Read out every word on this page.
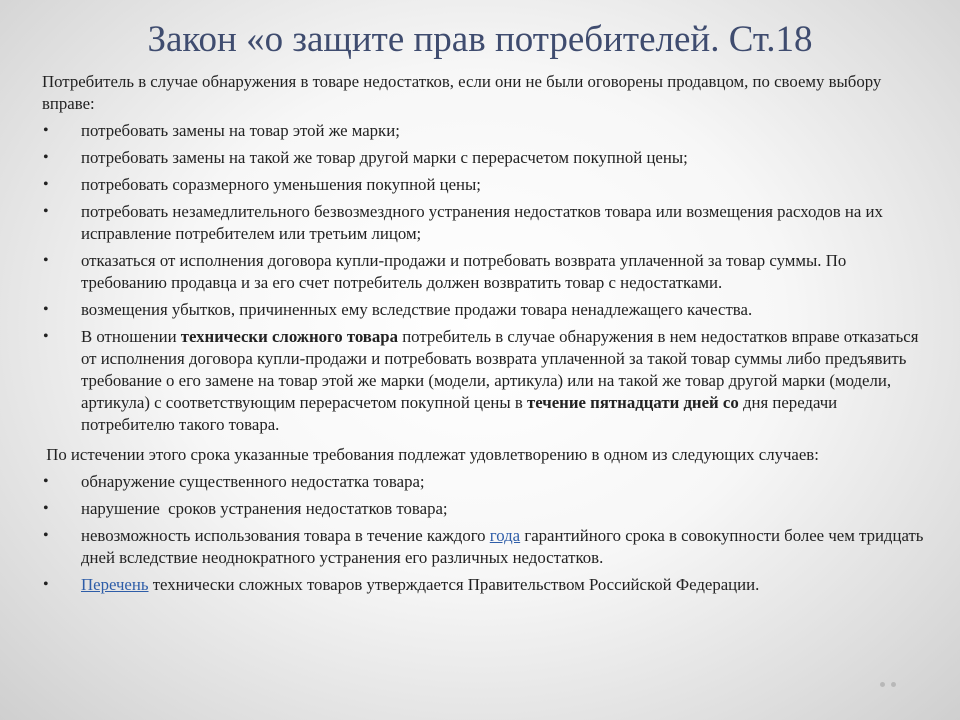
Закон «о защите прав потребителей. Ст.18

Потребитель в случае обнаружения в товаре недостатков, если они не были оговорены продавцом, по своему выбору вправе:

• потребовать замены на товар этой же марки;
• потребовать замены на такой же товар другой марки с перерасчетом покупной цены;
• потребовать соразмерного уменьшения покупной цены;
• потребовать незамедлительного безвозмездного устранения недостатков товара или возмещения расходов на их исправление потребителем или третьим лицом;
• отказаться от исполнения договора купли-продажи и потребовать возврата уплаченной за товар суммы. По требованию продавца и за его счет потребитель должен возвратить товар с недостатками.
• возмещения убытков, причиненных ему вследствие продажи товара ненадлежащего качества.
• В отношении технически сложного товара потребитель в случае обнаружения в нем недостатков вправе отказаться от исполнения договора купли-продажи и потребовать возврата уплаченной за такой товар суммы либо предъявить требование о его замене на товар этой же марки (модели, артикула) или на такой же товар другой марки (модели, артикула) с соответствующим перерасчетом покупной цены в течение пятнадцати дней со дня передачи потребителю такого товара.

По истечении этого срока указанные требования подлежат удовлетворению в одном из следующих случаев:

• обнаружение существенного недостатка товара;
• нарушение  сроков устранения недостатков товара;
• невозможность использования товара в течение каждого года гарантийного срока в совокупности более чем тридцать дней вследствие неоднократного устранения его различных недостатков.
• Перечень технически сложных товаров утверждается Правительством Российской Федерации.
